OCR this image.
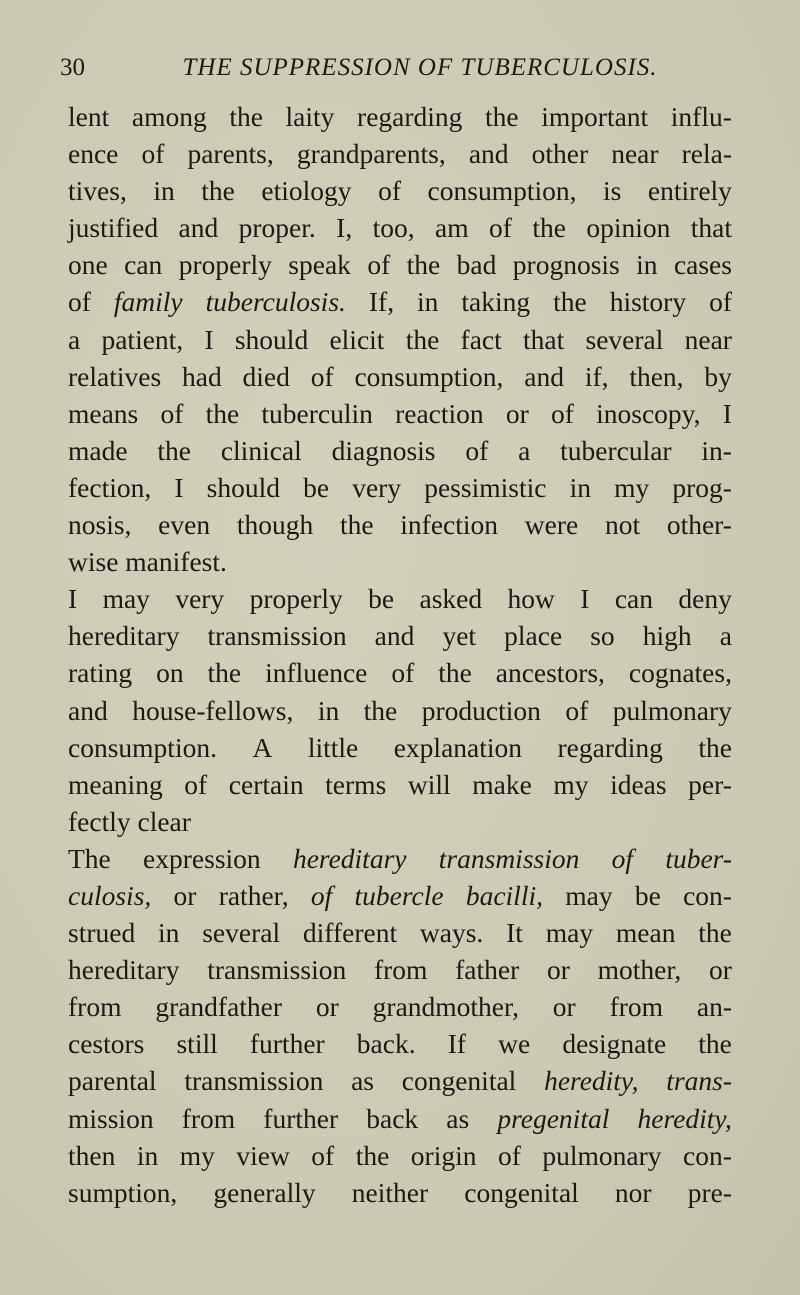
30	THE SUPPRESSION OF TUBERCULOSIS.
lent among the laity regarding the important influ-
ence of parents, grandparents, and other near rela-
tives, in the etiology of consumption, is entirely
justified and proper. I, too, am of the opinion that
one can properly speak of the bad prognosis in cases
of family tuberculosis. If, in taking the history of
a patient, I should elicit the fact that several near
relatives had died of consumption, and if, then, by
means of the tuberculin reaction or of inoscopy, I
made the clinical diagnosis of a tubercular in-
fection, I should be very pessimistic in my prog-
nosis, even though the infection were not other-
wise manifest.
I may very properly be asked how I can deny
hereditary transmission and yet place so high a
rating on the influence of the ancestors, cognates,
and house-fellows, in the production of pulmonary
consumption. A little explanation regarding the
meaning of certain terms will make my ideas per-
fectly clear
The expression hereditary transmission of tuber-
culosis, or rather, of tubercle bacilli, may be con-
strued in several different ways. It may mean the
hereditary transmission from father or mother, or
from grandfather or grandmother, or from an-
cestors still further back. If we designate the
parental transmission as congenital heredity, trans-
mission from further back as pregenital heredity,
then in my view of the origin of pulmonary con-
sumption, generally neither congenital nor pre-
